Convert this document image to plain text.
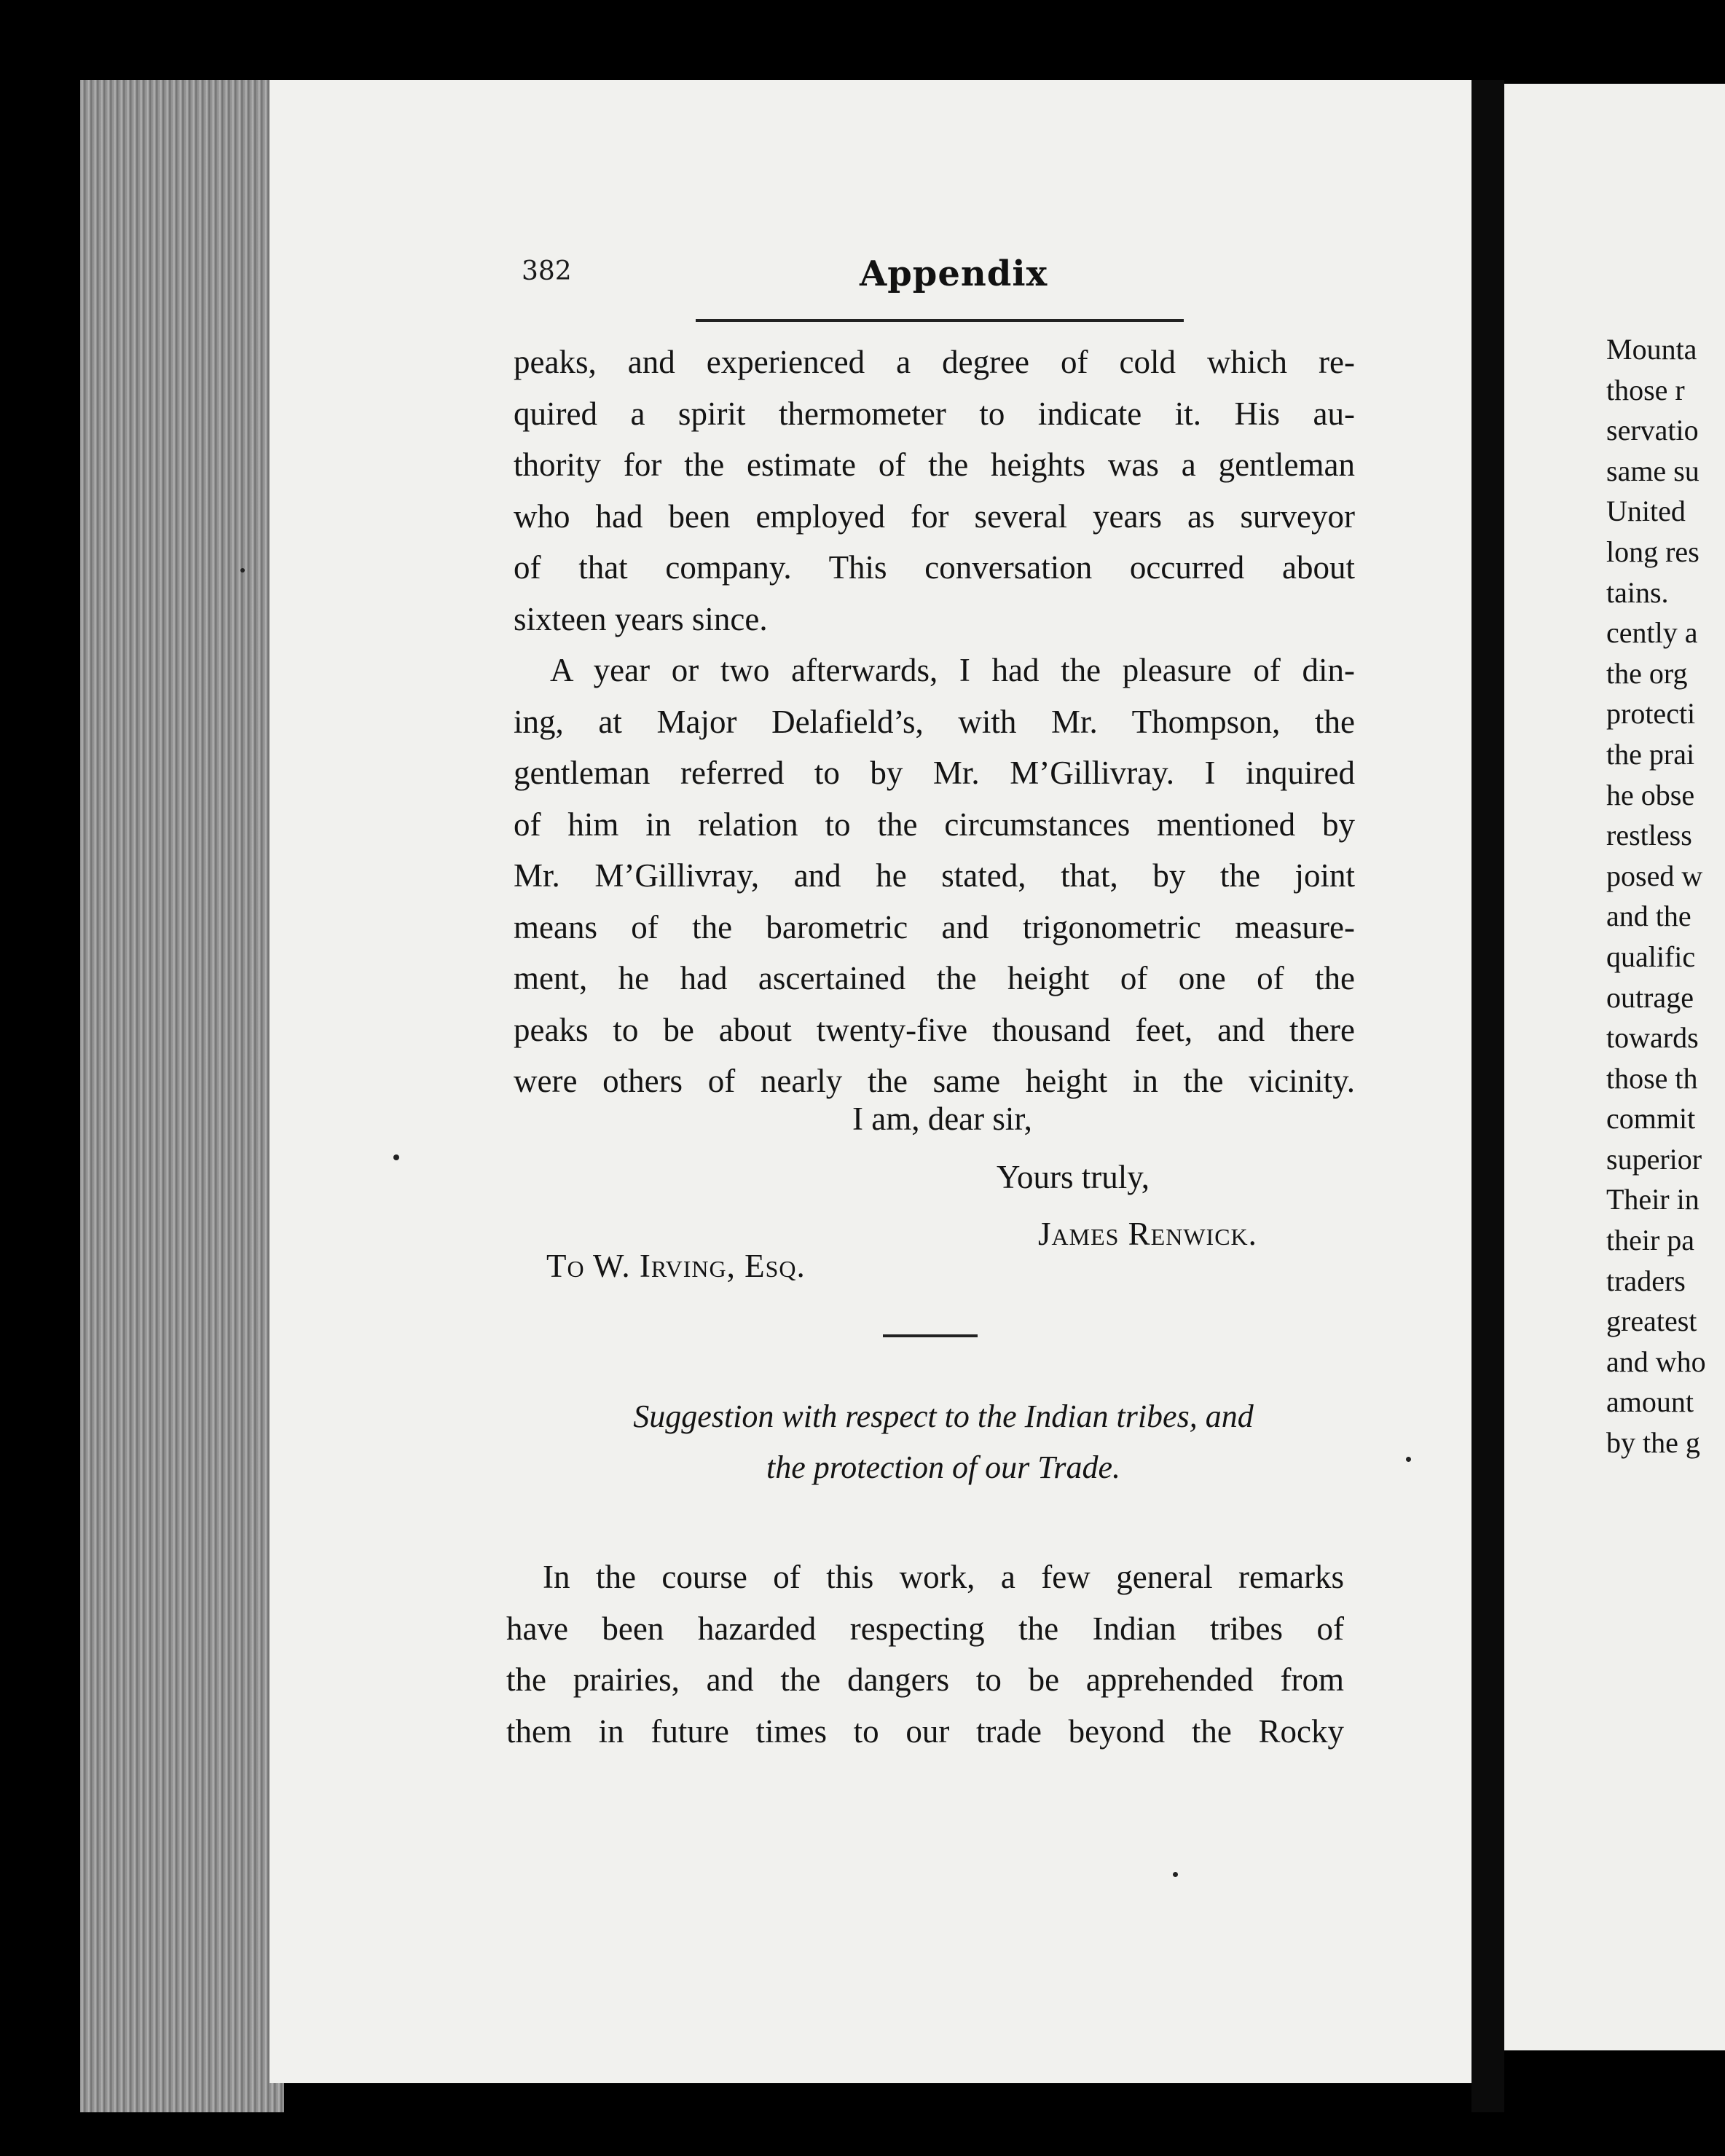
382	Appendix

peaks, and experienced a degree of cold which re-
quired a spirit thermometer to indicate it. His au-
thority for the estimate of the heights was a gentleman
who had been employed for several years as surveyor
of that company. This conversation occurred about
sixteen years since.

A year or two afterwards, I had the pleasure of din-
ing, at Major Delafield’s, with Mr. Thompson, the
gentleman referred to by Mr. M’Gillivray. I inquired
of him in relation to the circumstances mentioned by
Mr. M’Gillivray, and he stated, that, by the joint
means of the barometric and trigonometric measure-
ment, he had ascertained the height of one of the
peaks to be about twenty-five thousand feet, and there
were others of nearly the same height in the vicinity.

I am, dear sir,
Yours truly,
James Renwick.
To W. Irving, Esq.
Suggestion with respect to the Indian tribes, and
the protection of our Trade.

In the course of this work, a few general remarks
have been hazarded respecting the Indian tribes of
the prairies, and the dangers to be apprehended from
them in future times to our trade beyond the Rocky

Mounta
those r
servatio
same su
United
long res
tains.
cently a
the org
protecti
the prai
he obse
restless
posed w
and the
qualific
outrage
towards
those th
commit
superior
Their in
their pa
traders
greatest
and who
amount
by the g
